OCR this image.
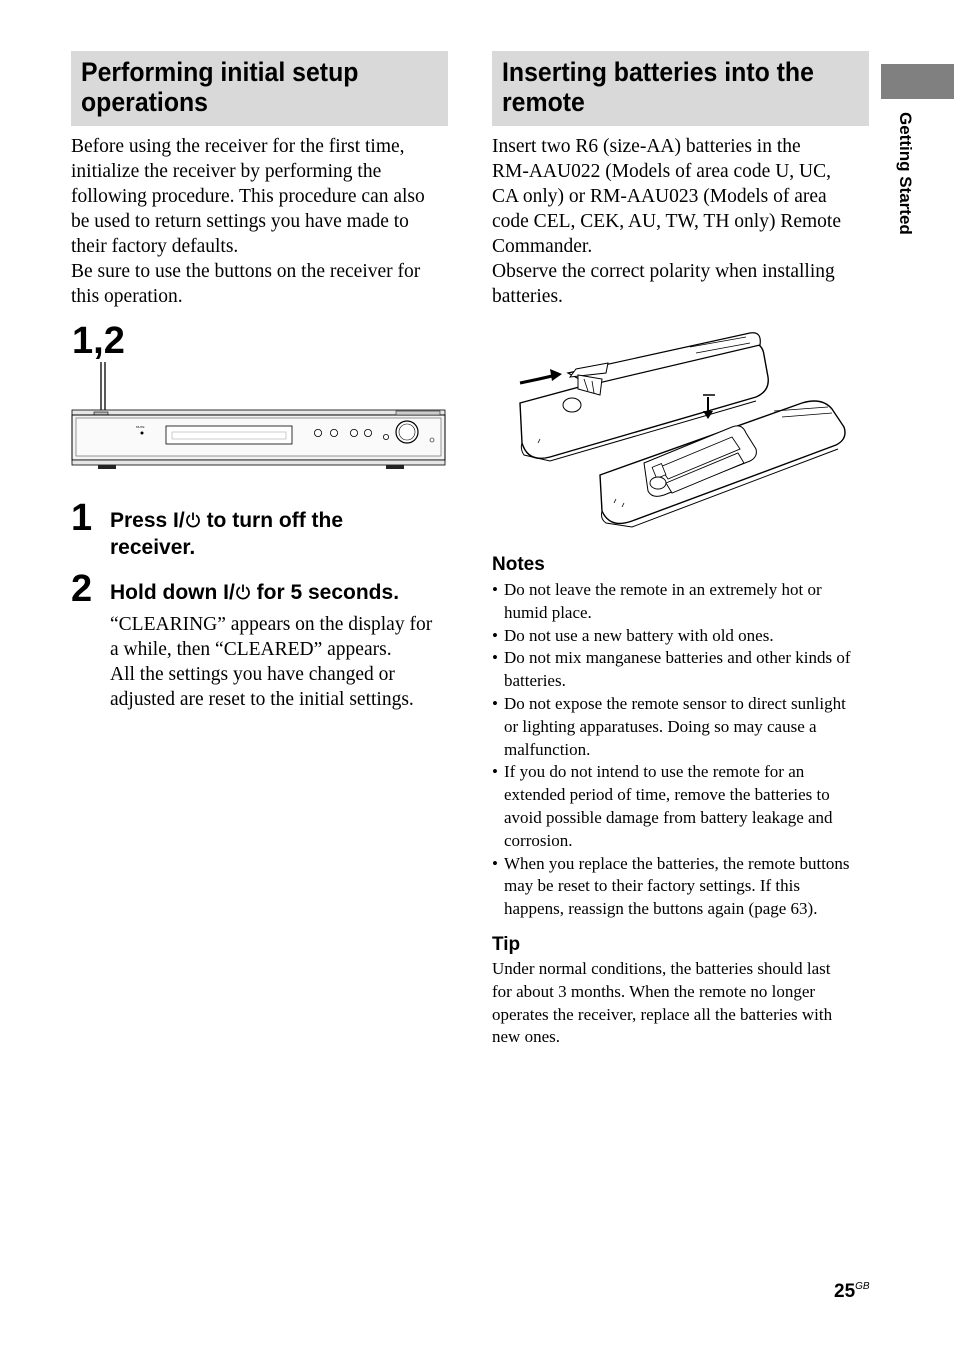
Performing initial setup
operations

Before using the receiver for the first time,

initialize the receiver by performing the

following procedure. This procedure can also

be used to return settings you have made to

their factory defaults.

Be sure to use the buttons on the receiver for

this operation.

1,2
MUTE
1 Press I/ to turn off the
receiver.
2 Hold down I/ for 5 seconds.

“CLEARING” appears on the display for

a while, then “CLEARED” appears.

All the settings you have changed or

adjusted are reset to the initial settings.

Inserting batteries into the
remote

Insert two R6 (size-AA) batteries in the

RM-AAU022 (Models of area code U, UC,

CA only) or RM-AAU023 (Models of area

code CEL, CEK, AU, TW, TH only) Remote

Commander.

Observe the correct polarity when installing

batteries.

Notes
• Do not leave the remote in an extremely hot or
humid place.
• Do not use a new battery with old ones.
• Do not mix manganese batteries and other kinds of
batteries.
• Do not expose the remote sensor to direct sunlight
or lighting apparatuses. Doing so may cause a
malfunction.
• If you do not intend to use the remote for an
extended period of time, remove the batteries to
avoid possible damage from battery leakage and
corrosion.
• When you replace the batteries, the remote buttons
may be reset to their factory settings. If this
happens, reassign the buttons again (page 63).
Tip
Under normal conditions, the batteries should last
for about 3 months. When the remote no longer
operates the receiver, replace all the batteries with
new ones.
Getting Started
$25^{GB}$
